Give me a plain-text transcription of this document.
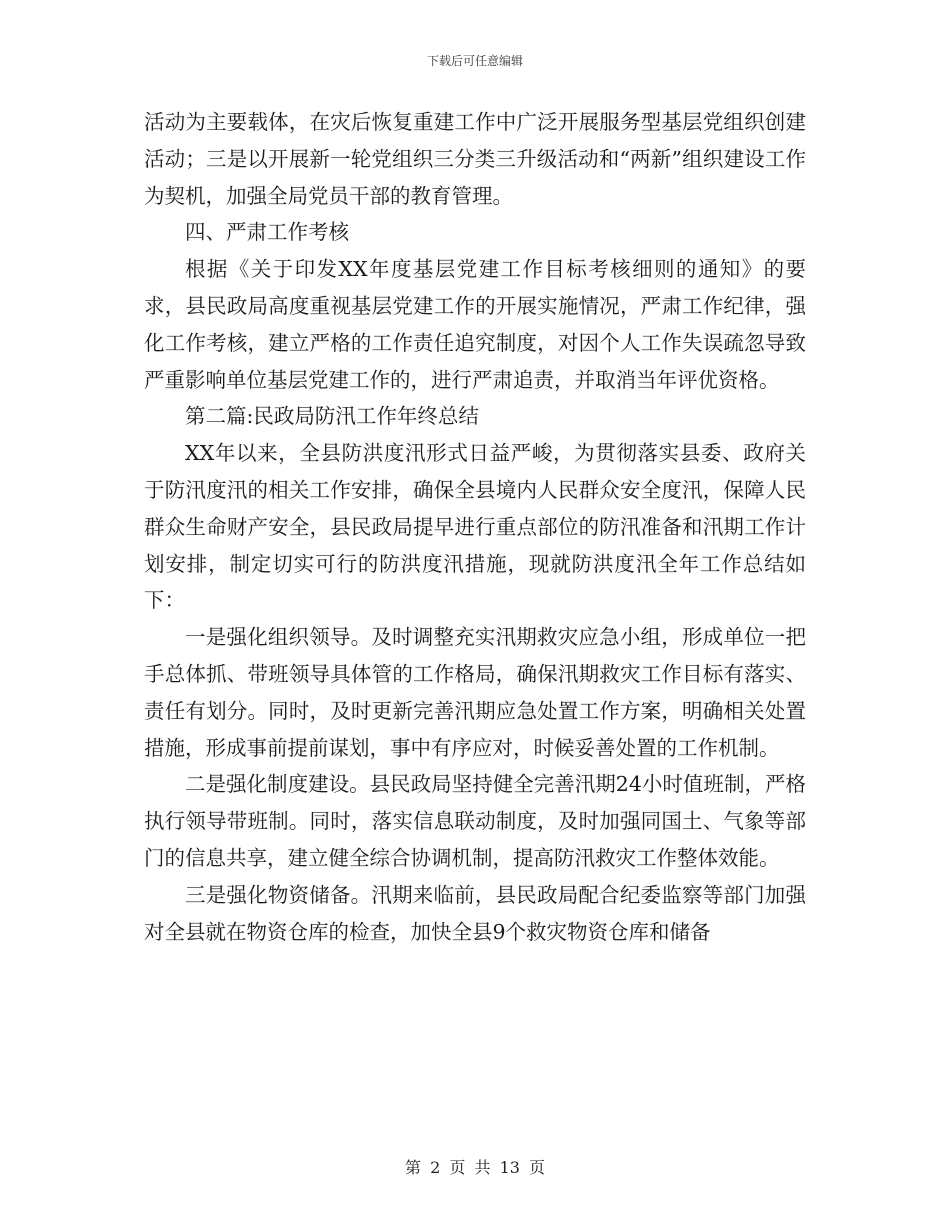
下载后可任意编辑

活动为主要载体，在灾后恢复重建工作中广泛开展服务型基层党组织创建活动；三是以开展新一轮党组织三分类三升级活动和“两新”组织建设工作为契机，加强全局党员干部的教育管理。

四、严肃工作考核

根据《关于印发XX年度基层党建工作目标考核细则的通知》的要求，县民政局高度重视基层党建工作的开展实施情况，严肃工作纪律，强化工作考核，建立严格的工作责任追究制度，对因个人工作失误疏忽导致严重影响单位基层党建工作的，进行严肃追责，并取消当年评优资格。

第二篇:民政局防汛工作年终总结

XX年以来，全县防洪度汛形式日益严峻，为贯彻落实县委、政府关于防汛度汛的相关工作安排，确保全县境内人民群众安全度汛，保障人民群众生命财产安全，县民政局提早进行重点部位的防汛准备和汛期工作计划安排，制定切实可行的防洪度汛措施，现就防洪度汛全年工作总结如下：

一是强化组织领导。及时调整充实汛期救灾应急小组，形成单位一把手总体抓、带班领导具体管的工作格局，确保汛期救灾工作目标有落实、责任有划分。同时，及时更新完善汛期应急处置工作方案，明确相关处置措施，形成事前提前谋划，事中有序应对，时候妥善处置的工作机制。

二是强化制度建设。县民政局坚持健全完善汛期24小时值班制，严格执行领导带班制。同时，落实信息联动制度，及时加强同国土、气象等部门的信息共享，建立健全综合协调机制，提高防汛救灾工作整体效能。

三是强化物资储备。汛期来临前，县民政局配合纪委监察等部门加强对全县就在物资仓库的检查，加快全县9个救灾物资仓库和储备

第 2 页 共 13 页
